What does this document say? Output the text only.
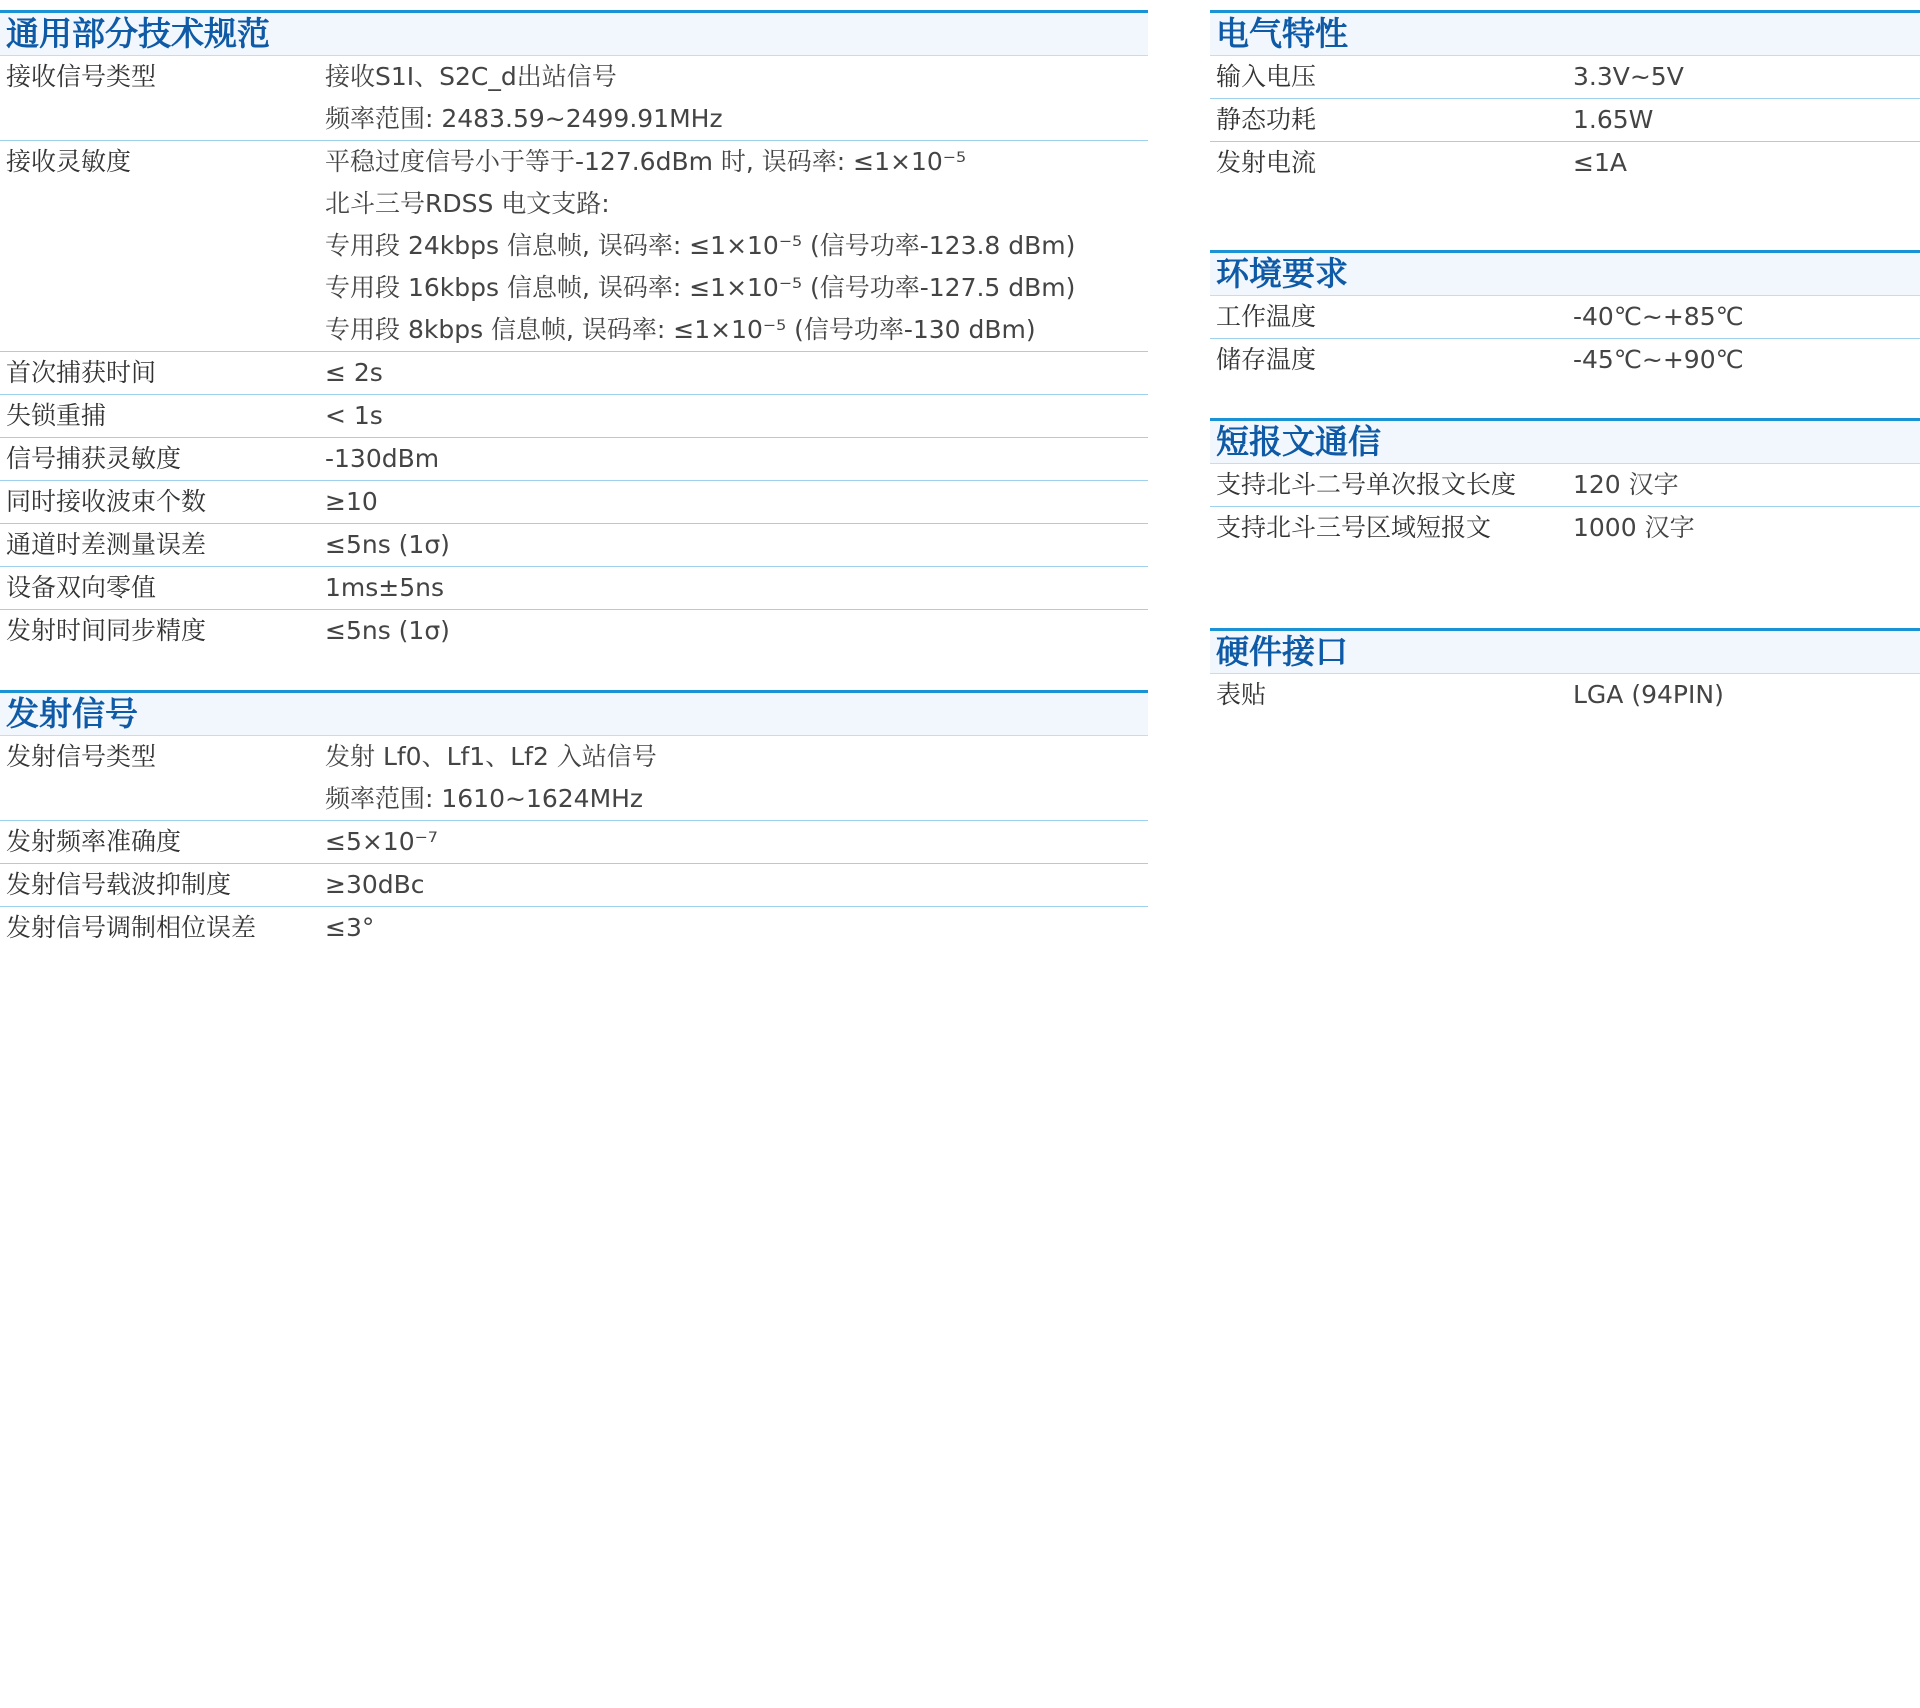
通用部分技术规范
接收信号类型	接收S1I、S2C_d出站信号
频率范围: 2483.59~2499.91MHz
接收灵敏度	平稳过度信号小于等于-127.6dBm 时, 误码率: ≤1×10⁻⁵
北斗三号RDSS 电文支路:
专用段 24kbps 信息帧, 误码率: ≤1×10⁻⁵ (信号功率-123.8 dBm)
专用段 16kbps 信息帧, 误码率: ≤1×10⁻⁵ (信号功率-127.5 dBm)
专用段 8kbps 信息帧, 误码率: ≤1×10⁻⁵ (信号功率-130 dBm)
首次捕获时间	≤ 2s
失锁重捕	< 1s
信号捕获灵敏度	-130dBm
同时接收波束个数	≥10
通道时差测量误差	≤5ns (1σ)
设备双向零值	1ms±5ns
发射时间同步精度	≤5ns (1σ)
发射信号
发射信号类型	发射 Lf0、Lf1、Lf2 入站信号
频率范围: 1610~1624MHz
发射频率准确度	≤5×10⁻⁷
发射信号载波抑制度	≥30dBc
发射信号调制相位误差	≤3°
电气特性
输入电压	3.3V~5V
静态功耗	1.65W
发射电流	≤1A
环境要求
工作温度	-40℃~+85℃
储存温度	-45℃~+90℃
短报文通信
支持北斗二号单次报文长度	120 汉字
支持北斗三号区域短报文	1000 汉字
硬件接口
表贴	LGA (94PIN)
